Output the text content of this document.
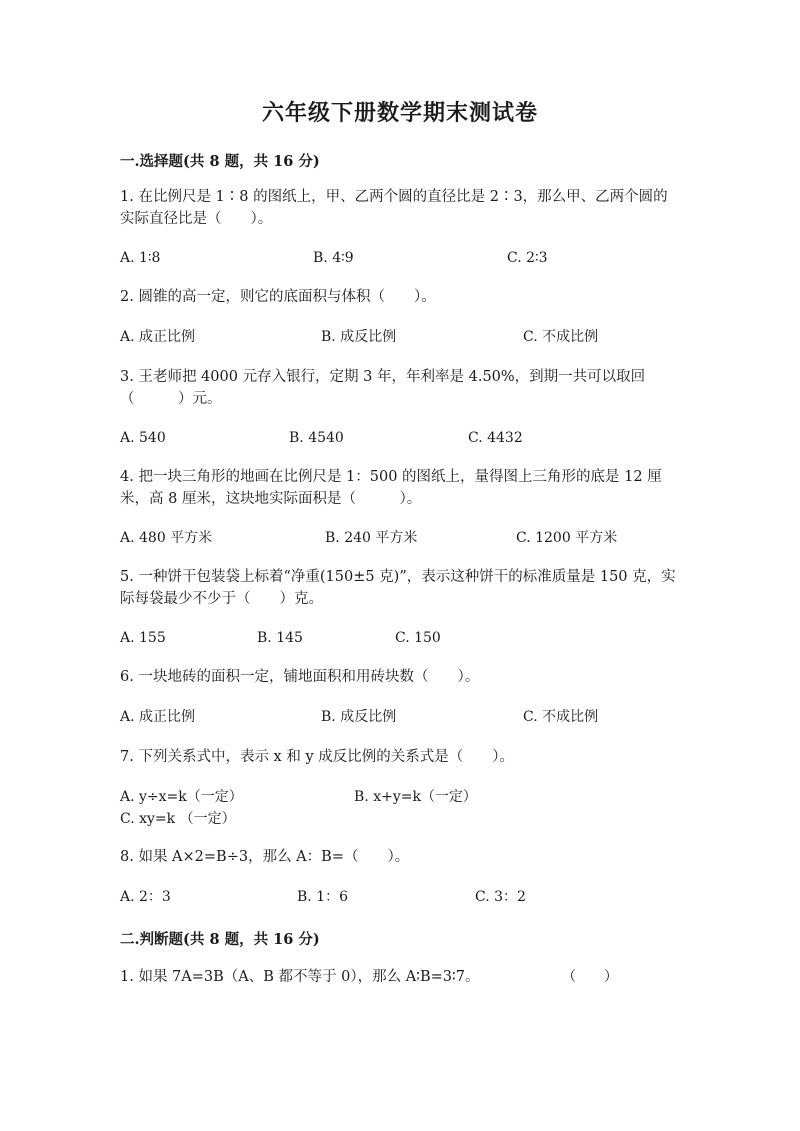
六年级下册数学期末测试卷
一.选择题(共 8 题，共 16 分)
1. 在比例尺是 1∶8 的图纸上，甲、乙两个圆的直径比是 2∶3，那么甲、乙两个圆的实际直径比是（　　）。
A. 1∶8	B. 4∶9	C. 2∶3
2. 圆锥的高一定，则它的底面积与体积（　　）。
A. 成正比例	B. 成反比例	C. 不成比例
3. 王老师把 4000 元存入银行，定期 3 年，年利率是 4.50%，到期一共可以取回（　　　）元。
A. 540	B. 4540	C. 4432
4. 把一块三角形的地画在比例尺是 1：500 的图纸上，量得图上三角形的底是 12 厘米，高 8 厘米，这块地实际面积是（　　　）。
A. 480 平方米	B. 240 平方米	C. 1200 平方米
5. 一种饼干包装袋上标着“净重(150±5 克)”，表示这种饼干的标准质量是 150 克，实际每袋最少不少于（　　）克。
A. 155	B. 145	C. 150
6. 一块地砖的面积一定，铺地面积和用砖块数（　　）。
A. 成正比例	B. 成反比例	C. 不成比例
7. 下列关系式中，表示 x 和 y 成反比例的关系式是（　　）。
A. y÷x=k（一定）	B. x+y=k（一定）C. xy=k （一定）
8. 如果 A×2=B÷3，那么 A：B=（　　）。
A. 2：3	B. 1：6	C. 3：2
二.判断题(共 8 题，共 16 分)
1. 如果 7A=3B（A、B 都不等于 0），那么 A∶B=3∶7。	（　　）
